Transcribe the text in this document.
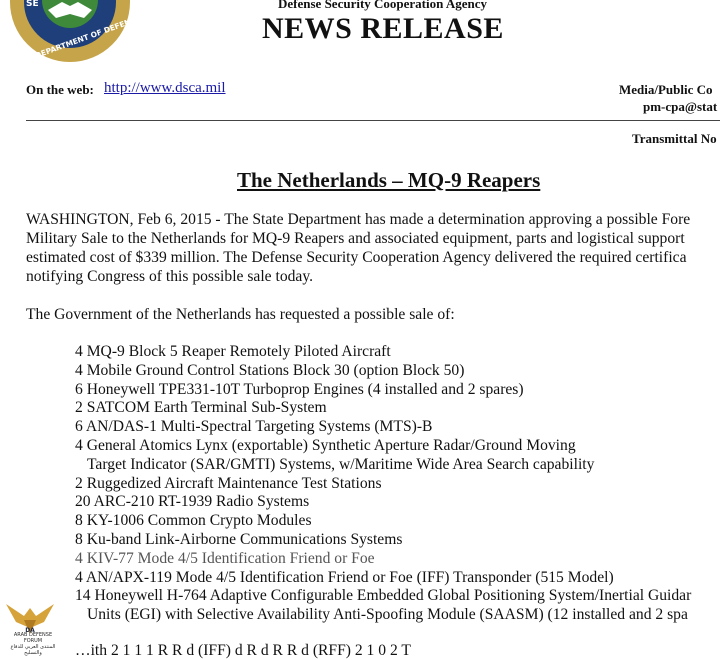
SE
DEPARTMENT OF DEFENSE
Defense Security Cooperation Agency
NEWS RELEASE
On the web: http://www.dsca.mil	Media/Public Co
pm-cpa@stat
Transmittal No
The Netherlands – MQ-9 Reapers
WASHINGTON, Feb 6, 2015 - The State Department has made a determination approving a possible Fore
Military Sale to the Netherlands for MQ-9 Reapers and associated equipment, parts and logistical support
estimated cost of $339 million. The Defense Security Cooperation Agency delivered the required certifica
notifying Congress of this possible sale today.
The Government of the Netherlands has requested a possible sale of:
4 MQ-9 Block 5 Reaper Remotely Piloted Aircraft
4 Mobile Ground Control Stations Block 30 (option Block 50)
6 Honeywell TPE331-10T Turboprop Engines (4 installed and 2 spares)
2 SATCOM Earth Terminal Sub-System
6 AN/DAS-1 Multi-Spectral Targeting Systems (MTS)-B
4 General Atomics Lynx (exportable) Synthetic Aperture Radar/Ground Moving
Target Indicator (SAR/GMTI) Systems, w/Maritime Wide Area Search capability
2 Ruggedized Aircraft Maintenance Test Stations
20 ARC-210 RT-1939 Radio Systems
8 KY-1006 Common Crypto Modules
8 Ku-band Link-Airborne Communications Systems
4 KIV-77 Mode 4/5 Identification Friend or Foe
4 AN/APX-119 Mode 4/5 Identification Friend or Foe (IFF) Transponder (515 Model)
14 Honeywell H-764 Adaptive Configurable Embedded Global Positioning System/Inertial Guidar
Units (EGI) with Selective Availability Anti-Spoofing Module (SAASM) (12 installed and 2 spa
…ith 2 1 1 1 R R d (IFF) d R d R R d (RFF) 2 1 0 2 T
DA
ARAB DEFENSE FORUM
المنتدى العربي للدفاع والتسليح
